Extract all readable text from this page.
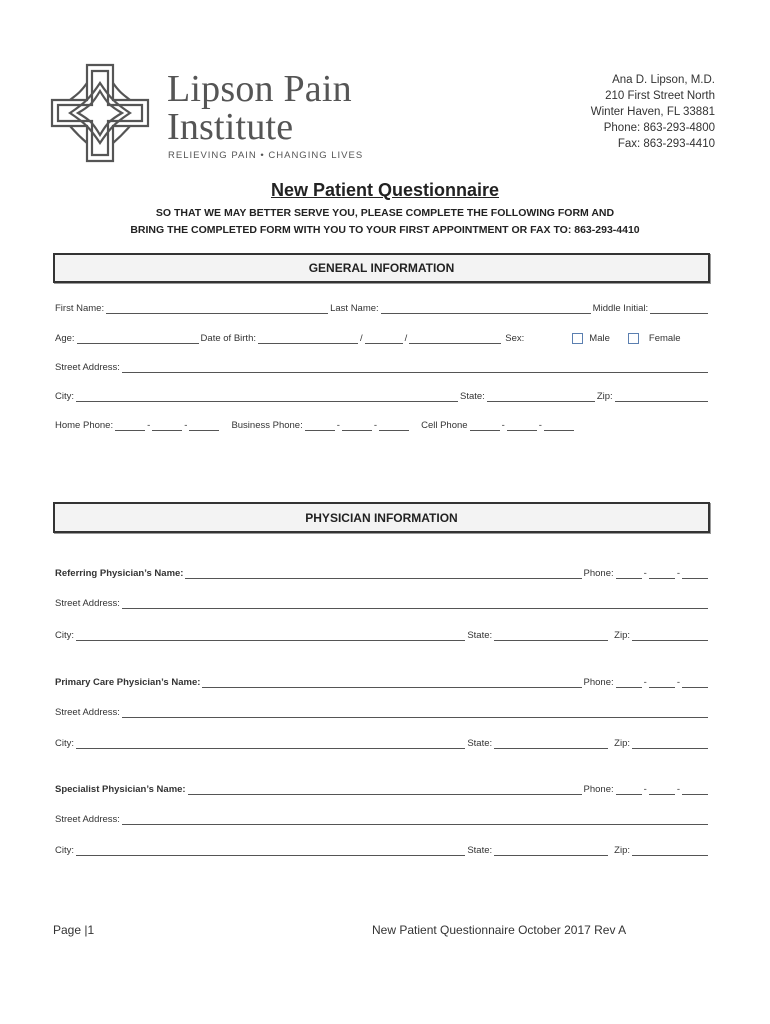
Lipson Pain
Institute
RELIEVING PAIN • CHANGING LIVES
Ana D. Lipson, M.D.
210 First Street North
Winter Haven, FL 33881
Phone: 863-293-4800
Fax: 863-293-4410
New Patient Questionnaire
SO THAT WE MAY BETTER SERVE YOU, PLEASE COMPLETE THE FOLLOWING FORM AND
BRING THE COMPLETED FORM WITH YOU TO YOUR FIRST APPOINTMENT OR FAX TO: 863-293-4410
GENERAL INFORMATION
First Name:	Last Name:	Middle Initial:
Age:	Date of Birth:	/	/	Sex:	Male	Female
Street Address:
City:	State:	Zip:
Home Phone:	-	-	Business Phone:	-	-	Cell Phone	-	-
PHYSICIAN INFORMATION
Referring Physician’s Name:	Phone:	-	-
Street Address:
City:	State:	Zip:
Primary Care Physician’s Name:	Phone:	-	-
Street Address:
City:	State:	Zip:
Specialist Physician’s Name:	Phone:	-	-
Street Address:
City:	State:	Zip:
Page |1	New Patient Questionnaire October 2017 Rev A
